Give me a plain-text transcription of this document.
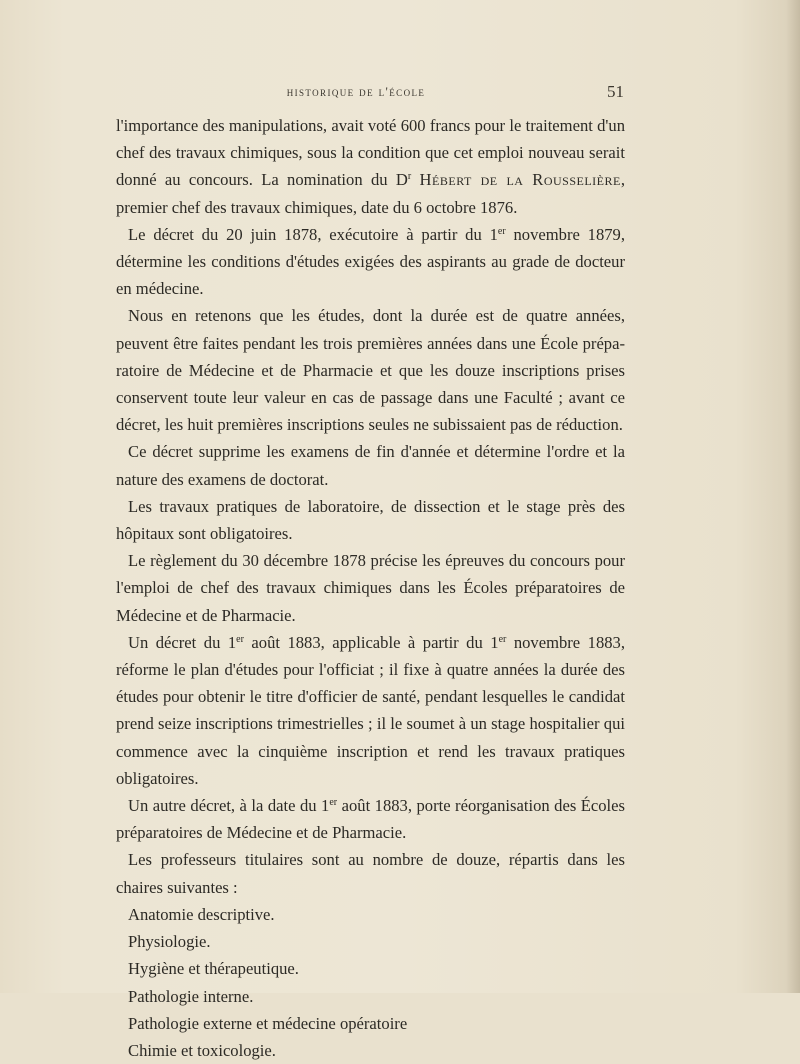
historique de l'école	51

l'importance des manipulations, avait voté 600 francs pour le traitement d'un chef des travaux chimiques, sous la condition que cet emploi nouveau serait donné au concours. La nomination du $D^r$ Hébert de la Rousselière, premier chef des travaux chimiques, date du 6 octobre 1876.

Le décret du 20 juin 1878, exécutoire à partir du 1er novembre 1879, détermine les conditions d'études exigées des aspirants au grade de docteur en médecine.

Nous en retenons que les études, dont la durée est de quatre années, peuvent être faites pendant les trois premières années dans une École prépa-ratoire de Médecine et de Pharmacie et que les douze inscriptions prises conservent toute leur valeur en cas de passage dans une Faculté ; avant ce décret, les huit premières inscriptions seules ne subissaient pas de réduction.

Ce décret supprime les examens de fin d'année et détermine l'ordre et la nature des examens de doctorat.

Les travaux pratiques de laboratoire, de dissection et le stage près des hôpitaux sont obligatoires.

Le règlement du 30 décembre 1878 précise les épreuves du concours pour l'emploi de chef des travaux chimiques dans les Écoles préparatoires de Médecine et de Pharmacie.

Un décret du 1er août 1883, applicable à partir du 1er novembre 1883, réforme le plan d'études pour l'officiat ; il fixe à quatre années la durée des études pour obtenir le titre d'officier de santé, pendant lesquelles le candidat prend seize inscriptions trimestrielles ; il le soumet à un stage hospitalier qui commence avec la cinquième inscription et rend les travaux pratiques obligatoires.

Un autre décret, à la date du 1er août 1883, porte réorganisation des Écoles préparatoires de Médecine et de Pharmacie.

Les professeurs titulaires sont au nombre de douze, répartis dans les chaires suivantes :

Anatomie descriptive.

Physiologie.

Hygiène et thérapeutique.

Pathologie interne.

Pathologie externe et médecine opératoire

Chimie et toxicologie.
